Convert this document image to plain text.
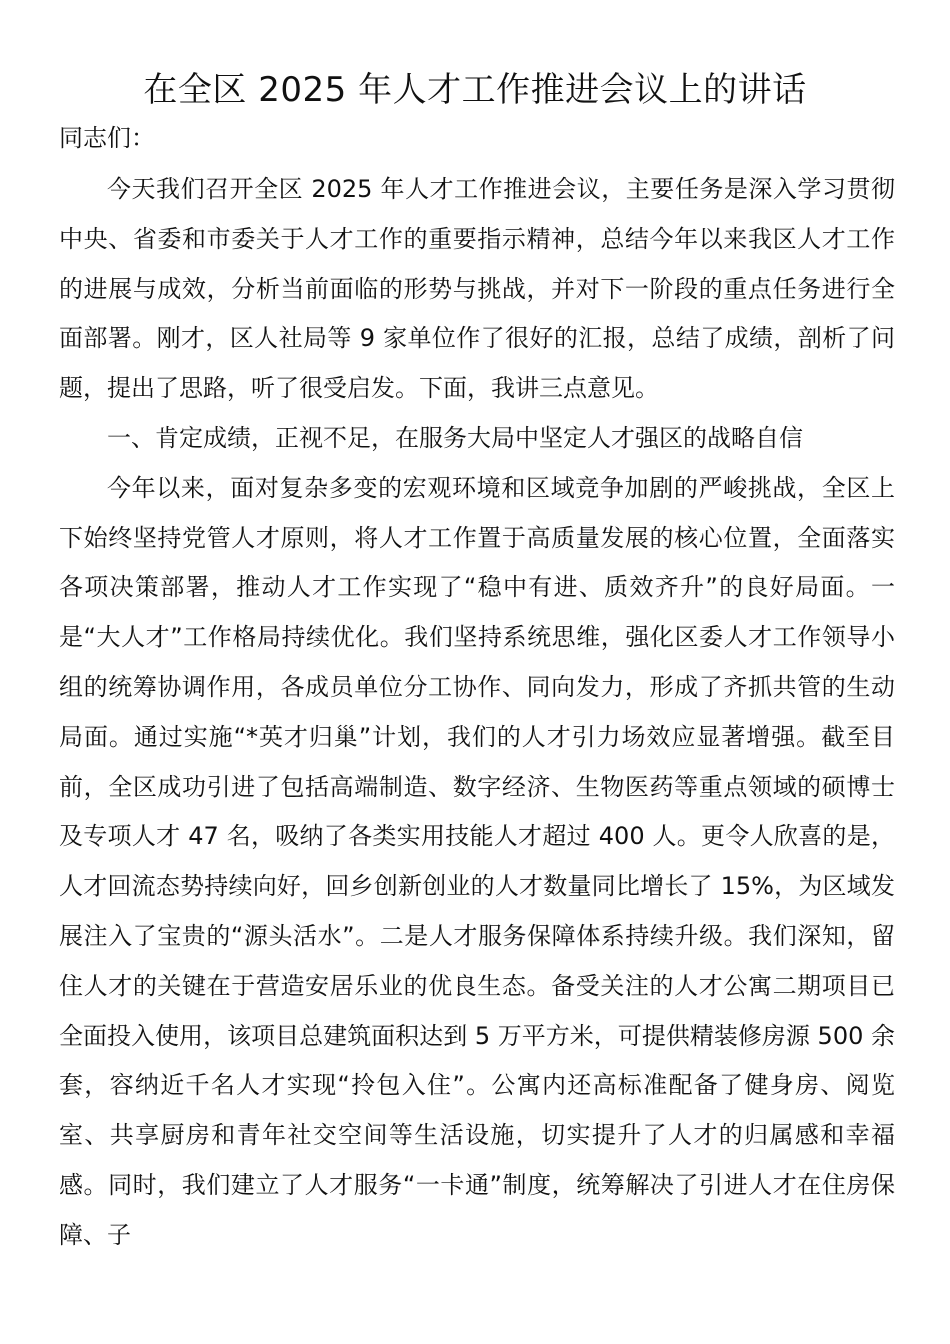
在全区 2025 年人才工作推进会议上的讲话

同志们：

今天我们召开全区 2025 年人才工作推进会议，主要任务是深入学习贯彻中央、省委和市委关于人才工作的重要指示精神，总结今年以来我区人才工作的进展与成效，分析当前面临的形势与挑战，并对下一阶段的重点任务进行全面部署。刚才，区人社局等 9 家单位作了很好的汇报，总结了成绩，剖析了问题，提出了思路，听了很受启发。下面，我讲三点意见。

一、肯定成绩，正视不足，在服务大局中坚定人才强区的战略自信

今年以来，面对复杂多变的宏观环境和区域竞争加剧的严峻挑战，全区上下始终坚持党管人才原则，将人才工作置于高质量发展的核心位置，全面落实各项决策部署，推动人才工作实现了“稳中有进、质效齐升”的良好局面。一是“大人才”工作格局持续优化。我们坚持系统思维，强化区委人才工作领导小组的统筹协调作用，各成员单位分工协作、同向发力，形成了齐抓共管的生动局面。通过实施“*英才归巢”计划，我们的人才引力场效应显著增强。截至目前，全区成功引进了包括高端制造、数字经济、生物医药等重点领域的硕博士及专项人才 47 名，吸纳了各类实用技能人才超过 400 人。更令人欣喜的是，人才回流态势持续向好，回乡创新创业的人才数量同比增长了 15%，为区域发展注入了宝贵的“源头活水”。二是人才服务保障体系持续升级。我们深知，留住人才的关键在于营造安居乐业的优良生态。备受关注的人才公寓二期项目已全面投入使用，该项目总建筑面积达到 5 万平方米，可提供精装修房源 500 余套，容纳近千名人才实现“拎包入住”。公寓内还高标准配备了健身房、阅览室、共享厨房和青年社交空间等生活设施，切实提升了人才的归属感和幸福感。同时，我们建立了人才服务“一卡通”制度，统筹解决了引进人才在住房保障、子
